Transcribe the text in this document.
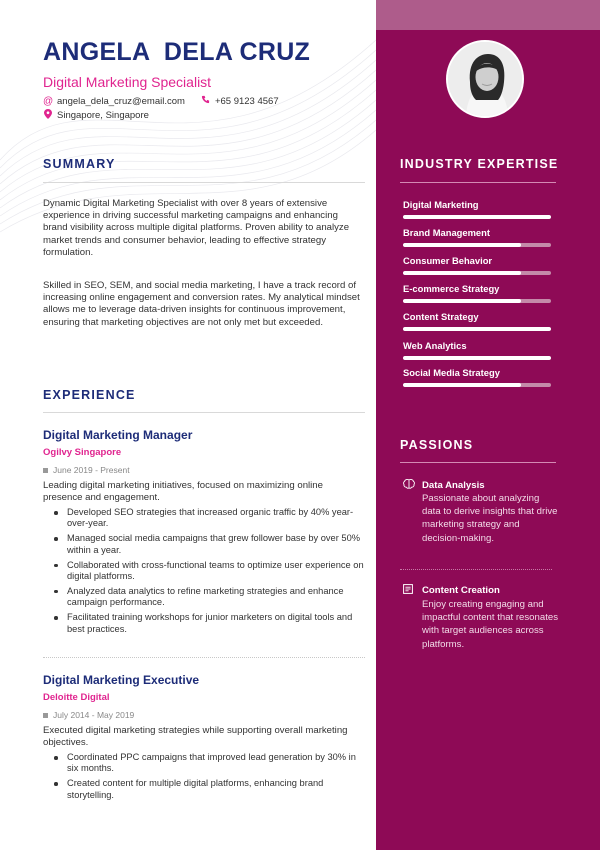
ANGELA  DELA CRUZ
Digital Marketing Specialist
@ angela_dela_cruz@email.com	+65 9123 4567
Singapore, Singapore
SUMMARY
Dynamic Digital Marketing Specialist with over 8 years of extensive experience in driving successful marketing campaigns and enhancing brand visibility across multiple digital platforms. Proven ability to analyze market trends and consumer behavior, leading to effective strategy formulation.
Skilled in SEO, SEM, and social media marketing, I have a track record of increasing online engagement and conversion rates. My analytical mindset allows me to leverage data-driven insights for continuous improvement, ensuring that marketing objectives are not only met but exceeded.
EXPERIENCE
Digital Marketing Manager
Ogilvy Singapore
June 2019 - Present
Leading digital marketing initiatives, focused on maximizing online presence and engagement.
Developed SEO strategies that increased organic traffic by 40% year-over-year.
Managed social media campaigns that grew follower base by over 50% within a year.
Collaborated with cross-functional teams to optimize user experience on digital platforms.
Analyzed data analytics to refine marketing strategies and enhance campaign performance.
Facilitated training workshops for junior marketers on digital tools and best practices.
Digital Marketing Executive
Deloitte Digital
July 2014 - May 2019
Executed digital marketing strategies while supporting overall marketing objectives.
Coordinated PPC campaigns that improved lead generation by 30% in six months.
Created content for multiple digital platforms, enhancing brand storytelling.
INDUSTRY EXPERTISE
Digital Marketing
Brand Management
Consumer Behavior
E-commerce Strategy
Content Strategy
Web Analytics
Social Media Strategy
PASSIONS
Data Analysis
Passionate about analyzing data to derive insights that drive marketing strategy and decision-making.
Content Creation
Enjoy creating engaging and impactful content that resonates with target audiences across platforms.
